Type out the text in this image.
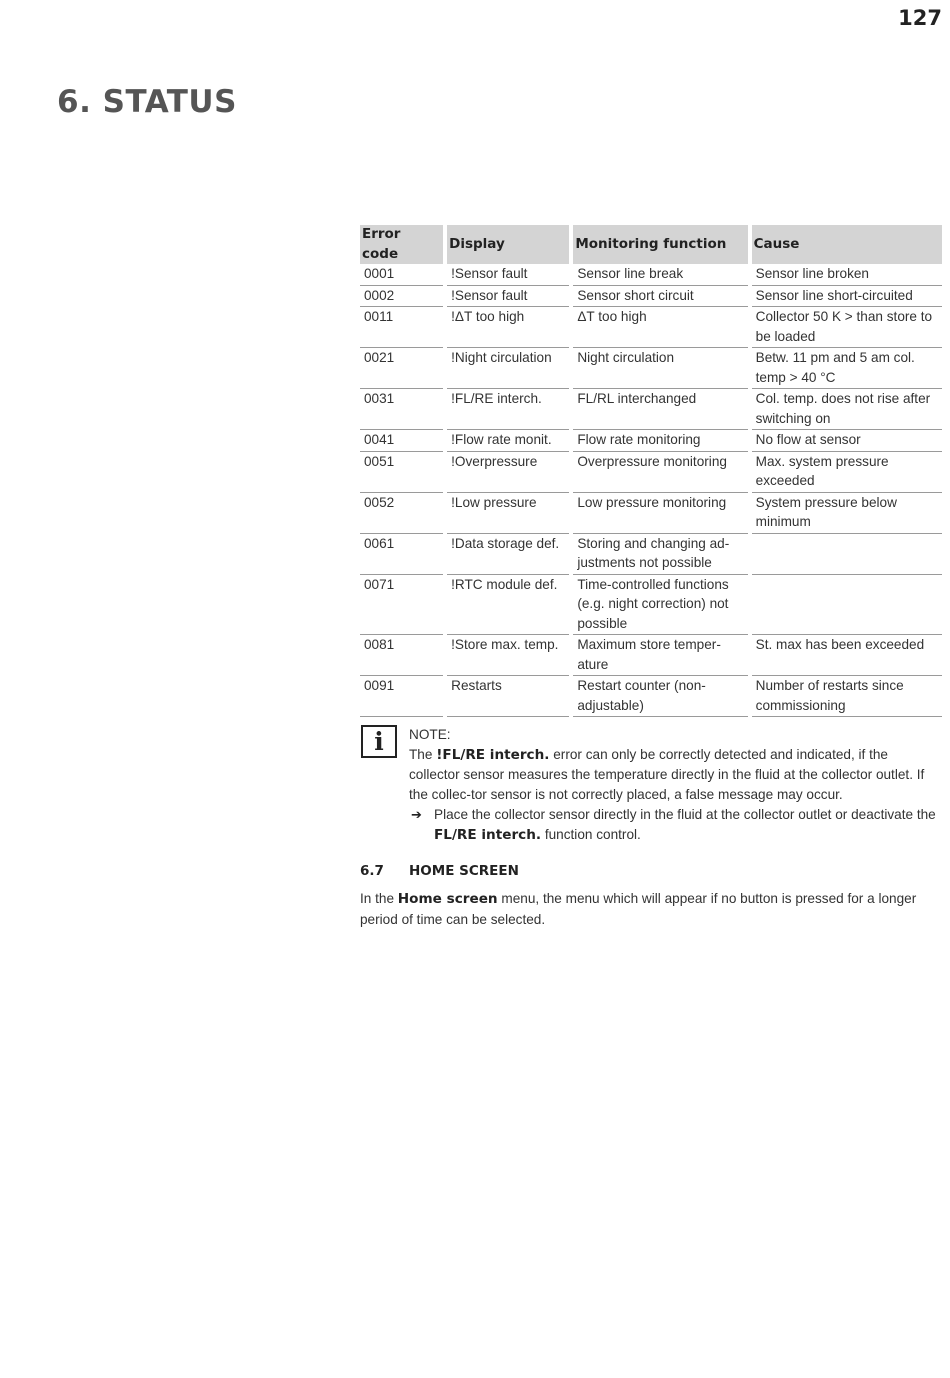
127
6. STATUS
Error code	Display	Monitoring function	Cause
0001	!Sensor fault	Sensor line break	Sensor line broken
0002	!Sensor fault	Sensor short circuit	Sensor line short-circuited
0011	!ΔT too high	ΔT too high	Collector 50 K > than store to be loaded
0021	!Night circulation	Night circulation	Betw. 11 pm and 5 am col. temp > 40 °C
0031	!FL/RE interch.	FL/RL interchanged	Col. temp. does not rise after switching on
0041	!Flow rate monit.	Flow rate monitoring	No flow at sensor
0051	!Overpressure	Overpressure monitoring	Max. system pressure exceeded
0052	!Low pressure	Low pressure monitoring	System pressure below minimum
0061	!Data storage def.	Storing and changing ad-justments not possible	
0071	!RTC module def.	Time-controlled functions (e.g. night correction) not possible	
0081	!Store max. temp.	Maximum store temper-ature	St. max has been exceeded
0091	Restarts	Restart counter (non-adjustable)	Number of restarts since commissioning
i	NOTE:

The !FL/RE interch. error can only be correctly detected and indicated, if the collector sensor measures the temperature directly in the fluid at the collector outlet. If the collec-tor sensor is not correctly placed, a false message may occur.

➔ Place the collector sensor directly in the fluid at the collector outlet or deactivate the FL/RE interch. function control.
6.7	HOME SCREEN

In the Home screen menu, the menu which will appear if no button is pressed for a longer period of time can be selected.
